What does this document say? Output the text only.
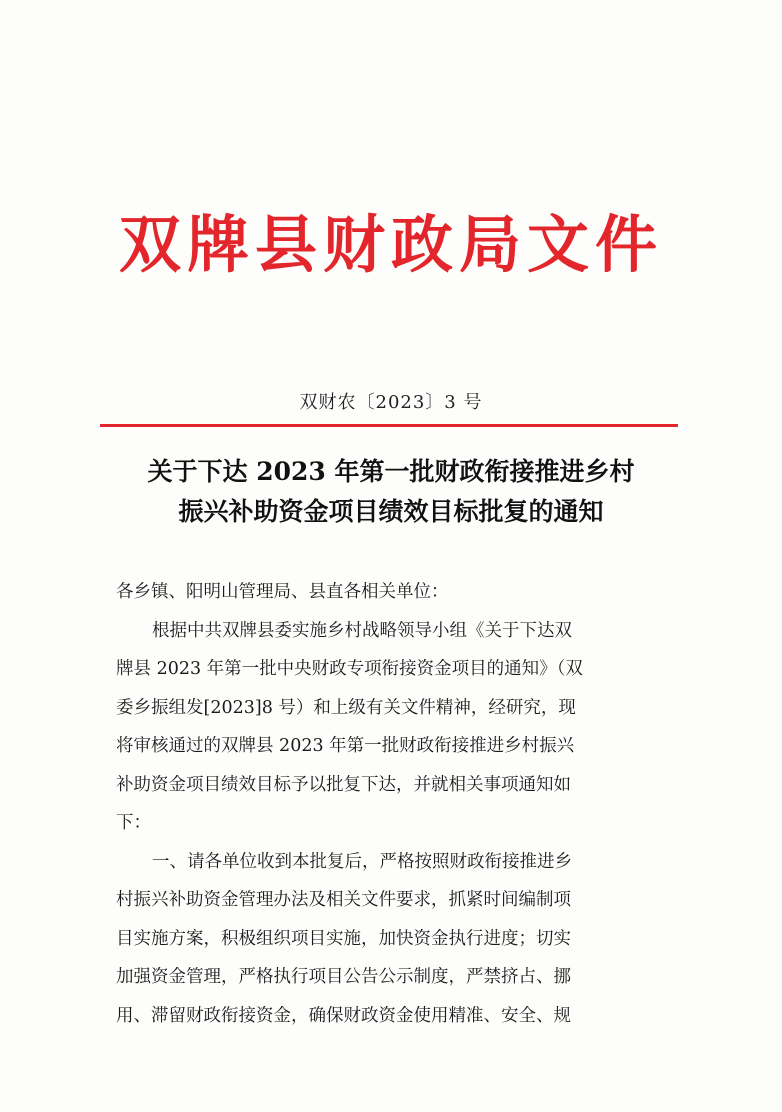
双牌县财政局文件
双财农〔2023〕3 号
关于下达 2023 年第一批财政衔接推进乡村
振兴补助资金项目绩效目标批复的通知
各乡镇、阳明山管理局、县直各相关单位：
根据中共双牌县委实施乡村战略领导小组《关于下达双
牌县 2023 年第一批中央财政专项衔接资金项目的通知》（双
委乡振组发[2023]8 号）和上级有关文件精神，经研究，现
将审核通过的双牌县 2023 年第一批财政衔接推进乡村振兴
补助资金项目绩效目标予以批复下达，并就相关事项通知如
下：
一、请各单位收到本批复后，严格按照财政衔接推进乡
村振兴补助资金管理办法及相关文件要求，抓紧时间编制项
目实施方案，积极组织项目实施，加快资金执行进度；切实
加强资金管理，严格执行项目公告公示制度，严禁挤占、挪
用、滞留财政衔接资金，确保财政资金使用精准、安全、规
